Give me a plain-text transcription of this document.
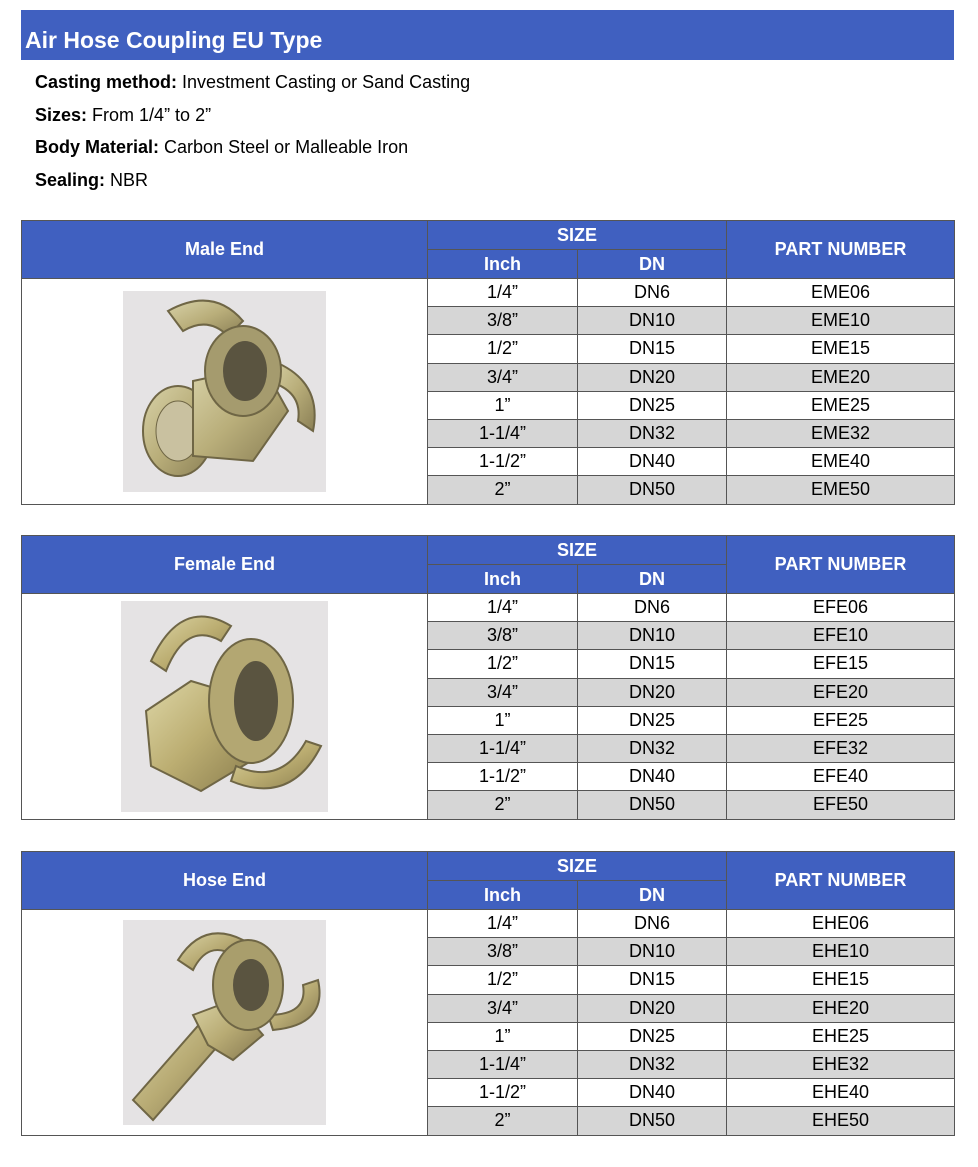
Air Hose Coupling EU Type
Casting method: Investment Casting or Sand Casting
Sizes: From 1/4” to 2”
Body Material: Carbon Steel or Malleable Iron
Sealing: NBR
Male End	SIZE		PART NUMBER
	Inch	DN	

	1/4”	DN6	EME06
	3/8”	DN10	EME10
	1/2”	DN15	EME15
	3/4”	DN20	EME20
	1”	DN25	EME25
	1-1/4”	DN32	EME32
	1-1/2”	DN40	EME40
	2”	DN50	EME50
Female End	SIZE		PART NUMBER
	Inch	DN	

	1/4”	DN6	EFE06
	3/8”	DN10	EFE10
	1/2”	DN15	EFE15
	3/4”	DN20	EFE20
	1”	DN25	EFE25
	1-1/4”	DN32	EFE32
	1-1/2”	DN40	EFE40
	2”	DN50	EFE50
Hose End	SIZE		PART NUMBER
	Inch	DN	

	1/4”	DN6	EHE06
	3/8”	DN10	EHE10
	1/2”	DN15	EHE15
	3/4”	DN20	EHE20
	1”	DN25	EHE25
	1-1/4”	DN32	EHE32
	1-1/2”	DN40	EHE40
	2”	DN50	EHE50
